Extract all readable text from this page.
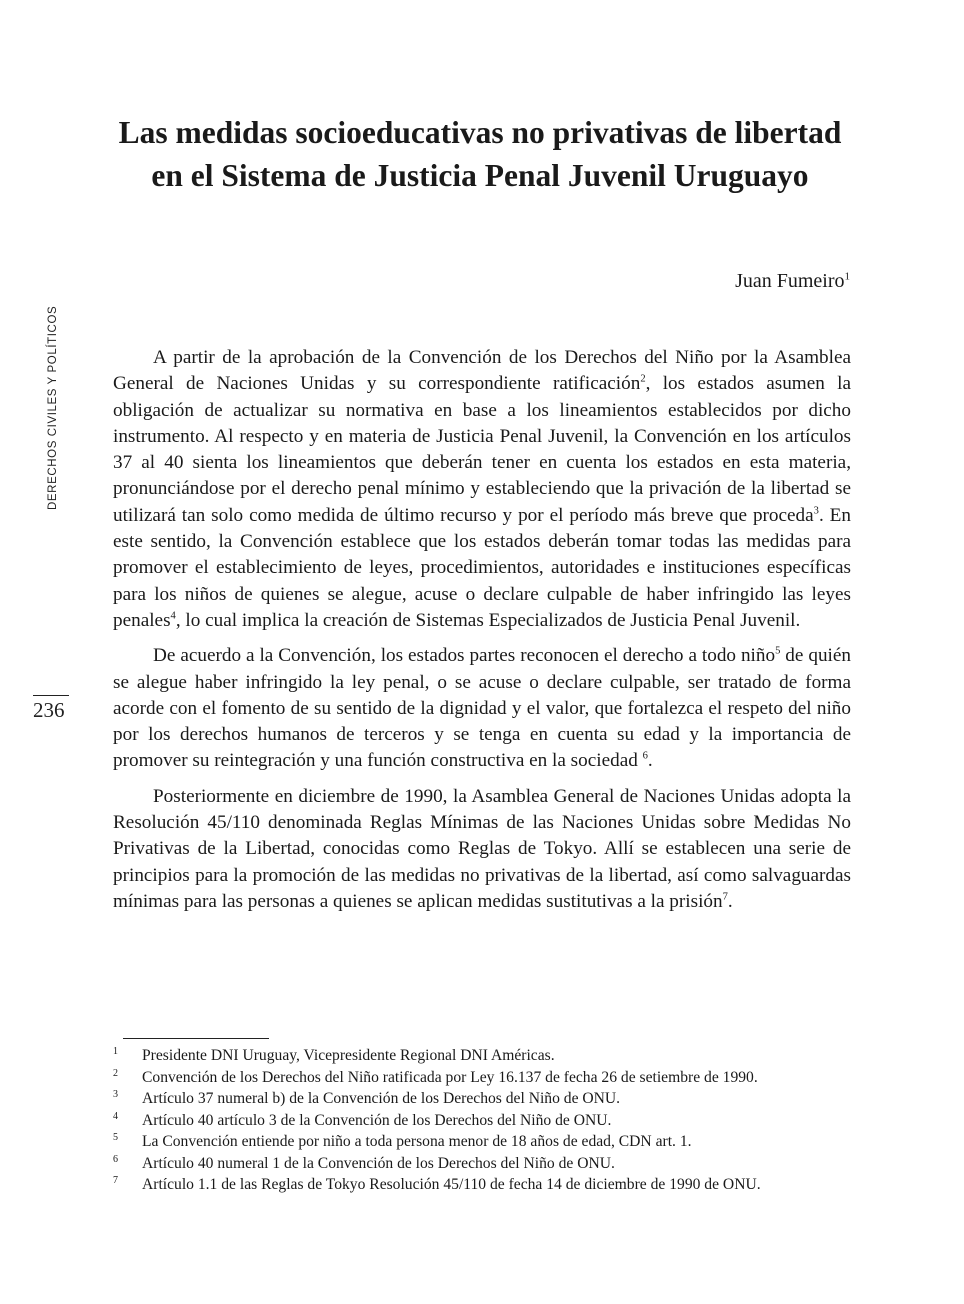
DERECHOS CIVILES Y POLÍTICOS
236
Las medidas socioeducativas no privativas de libertad en el Sistema de Justicia Penal Juvenil Uruguayo
Juan Fumeiro$^1$

A partir de la aprobación de la Convención de los Derechos del Niño por la Asamblea General de Naciones Unidas y su correspondiente ratificación$^2$, los estados asumen la obligación de actualizar su normativa en base a los lineamientos establecidos por dicho instrumento. Al respecto y en materia de Justicia Penal Juvenil, la Convención en los artículos 37 al 40 sienta los lineamientos que deberán tener en cuenta los estados en esta materia, pronunciándose por el derecho penal mínimo y estableciendo que la privación de la libertad se utilizará tan solo como medida de último recurso y por el período más breve que proceda$^3$. En este sentido, la Convención establece que los estados deberán tomar todas las medidas para promover el establecimiento de leyes, procedimientos, autoridades e instituciones específicas para los niños de quienes se alegue, acuse o declare culpable de haber infringido las leyes penales$^4$, lo cual implica la creación de Sistemas Especializados de Justicia Penal Juvenil.

De acuerdo a la Convención, los estados partes reconocen el derecho a todo niño$^5$ de quién se alegue haber infringido la ley penal, o se acuse o declare culpable, ser tratado de forma acorde con el fomento de su sentido de la dignidad y el valor, que fortalezca el respeto del niño por los derechos humanos de terceros y se tenga en cuenta su edad y la importancia de promover su reintegración y una función constructiva en la sociedad $^6$.

Posteriormente en diciembre de 1990, la Asamblea General de Naciones Unidas adopta la Resolución 45/110 denominada Reglas Mínimas de las Naciones Unidas sobre Medidas No Privativas de la Libertad, conocidas como Reglas de Tokyo. Allí se establecen una serie de principios para la promoción de las medidas no privativas de la libertad, así como salvaguardas mínimas para las personas a quienes se aplican medidas sustitutivas a la prisión$^7$.

1	Presidente DNI Uruguay, Vicepresidente Regional DNI Américas.
2	Convención de los Derechos del Niño ratificada por Ley 16.137 de fecha 26 de setiembre de 1990.
3	Artículo 37 numeral b) de la Convención de los Derechos del Niño de ONU.
4	Artículo 40 artículo 3 de la Convención de los Derechos del Niño de ONU.
5	La Convención entiende por niño a toda persona menor de 18 años de edad, CDN art. 1.
6	Artículo 40 numeral 1 de la Convención de los Derechos del Niño de ONU.
7	Artículo 1.1 de las Reglas de Tokyo Resolución 45/110 de fecha 14 de diciembre de 1990 de ONU.
